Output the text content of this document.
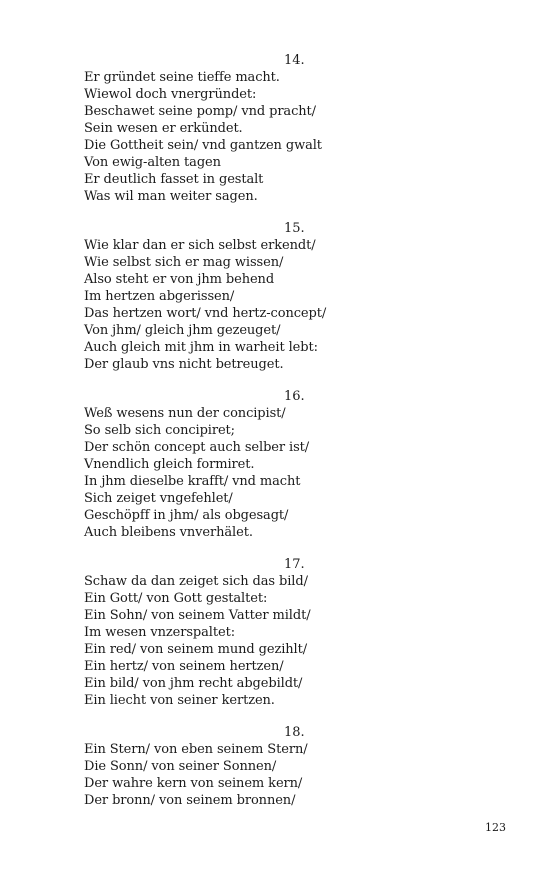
14.
Er gründet seine tieffe macht.
Wiewol doch vnergründet:
Beschawet seine pomp/ vnd pracht/
Sein wesen er erkündet.
Die Gottheit sein/ vnd gantzen gwalt
Von ewig-alten tagen
Er deutlich fasset in gestalt
Was wil man weiter sagen.
15.
Wie klar dan er sich selbst erkendt/
Wie selbst sich er mag wissen/
Also steht er von jhm behend
Im hertzen abgerissen/
Das hertzen wort/ vnd hertz-concept/
Von jhm/ gleich jhm gezeuget/
Auch gleich mit jhm in warheit lebt:
Der glaub vns nicht betreuget.
16.
Weß wesens nun der concipist/
So selb sich concipiret;
Der schön concept auch selber ist/
Vnendlich gleich formiret.
In jhm dieselbe krafft/ vnd macht
Sich zeiget vngefehlet/
Geschöpff in jhm/ als obgesagt/
Auch bleibens vnverhälet.
17.
Schaw da dan zeiget sich das bild/
Ein Gott/ von Gott gestaltet:
Ein Sohn/ von seinem Vatter mildt/
Im wesen vnzerspaltet:
Ein red/ von seinem mund gezihlt/
Ein hertz/ von seinem hertzen/
Ein bild/ von jhm recht abgebildt/
Ein liecht von seiner kertzen.
18.
Ein Stern/ von eben seinem Stern/
Die Sonn/ von seiner Sonnen/
Der wahre kern von seinem kern/
Der bronn/ von seinem bronnen/
123
